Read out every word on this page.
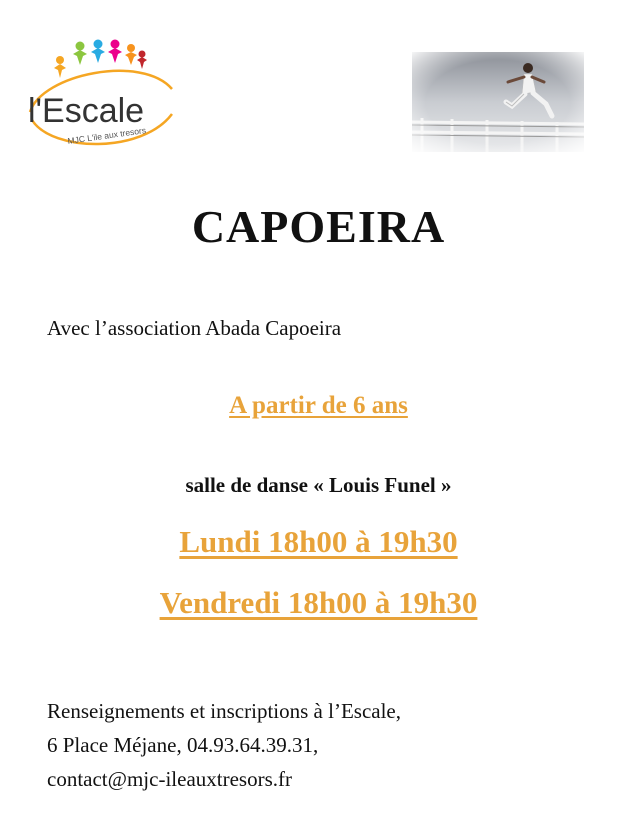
l'Escale
MJC L'ile aux tresors
CAPOEIRA

Avec l’association Abada Capoeira

A partir de 6 ans

salle de danse « Louis Funel »

Lundi 18h00 à 19h30

Vendredi 18h00 à 19h30

Renseignements et inscriptions à l’Escale,
6 Place Méjane, 04.93.64.39.31,
contact@mjc-ileauxtresors.fr
